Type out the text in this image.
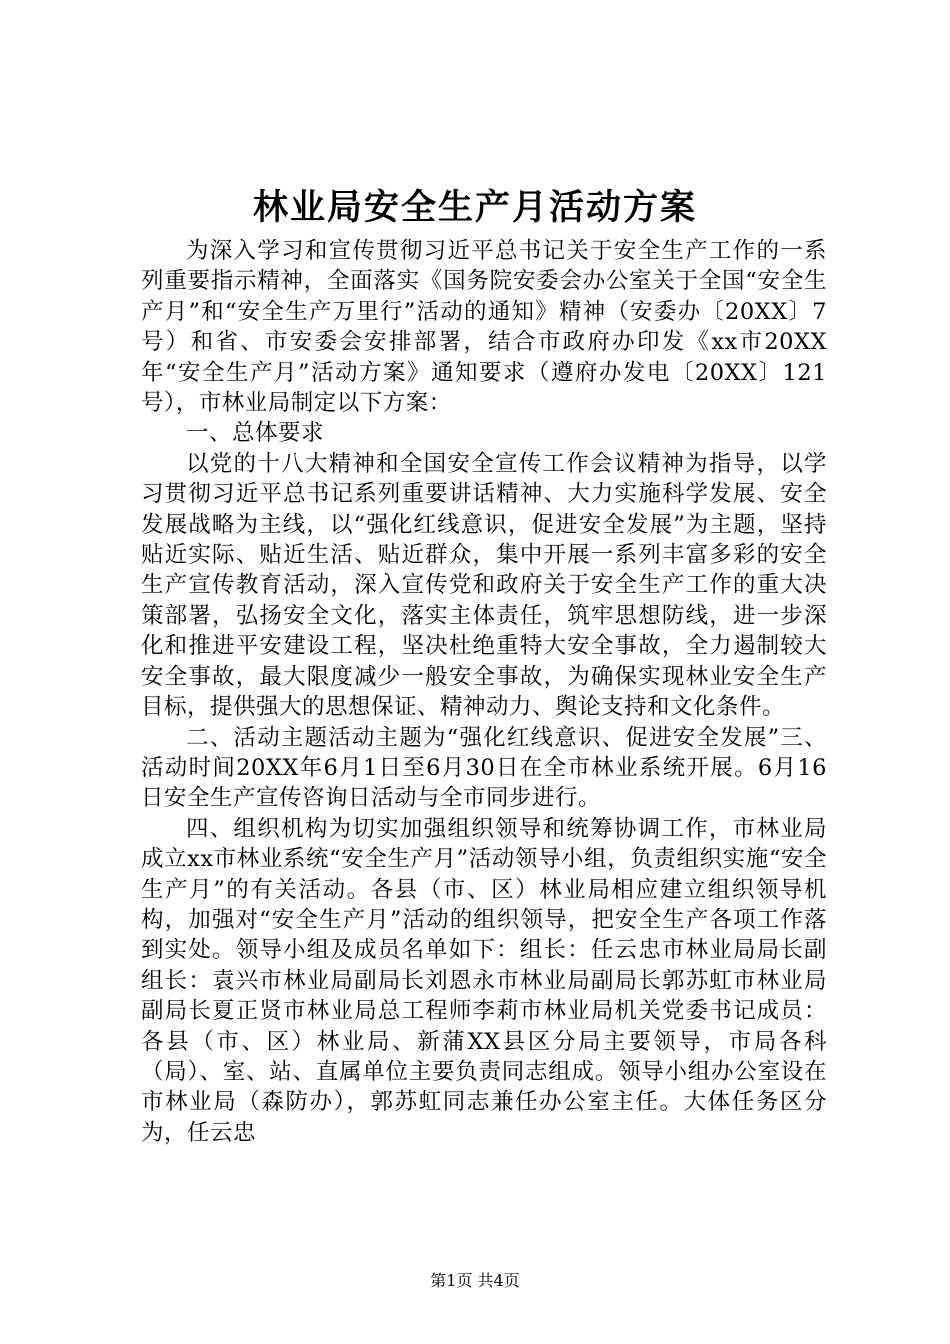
林业局安全生产月活动方案

为深入学习和宣传贯彻习近平总书记关于安全生产工作的一系列重要指示精神，全面落实《国务院安委会办公室关于全国“安全生产月”和“安全生产万里行”活动的通知》精神（安委办〔20XX〕7号）和省、市安委会安排部署，结合市政府办印发《xx市20XX年“安全生产月”活动方案》通知要求（遵府办发电〔20XX〕121号），市林业局制定以下方案：

一、总体要求

以党的十八大精神和全国安全宣传工作会议精神为指导，以学习贯彻习近平总书记系列重要讲话精神、大力实施科学发展、安全发展战略为主线，以“强化红线意识，促进安全发展”为主题，坚持贴近实际、贴近生活、贴近群众，集中开展一系列丰富多彩的安全生产宣传教育活动，深入宣传党和政府关于安全生产工作的重大决策部署，弘扬安全文化，落实主体责任，筑牢思想防线，进一步深化和推进平安建设工程，坚决杜绝重特大安全事故，全力遏制较大安全事故，最大限度减少一般安全事故，为确保实现林业安全生产目标，提供强大的思想保证、精神动力、舆论支持和文化条件。

二、活动主题活动主题为“强化红线意识、促进安全发展”三、活动时间20XX年6月1日至6月30日在全市林业系统开展。6月16日安全生产宣传咨询日活动与全市同步进行。

四、组织机构为切实加强组织领导和统筹协调工作，市林业局成立xx市林业系统“安全生产月”活动领导小组，负责组织实施“安全生产月”的有关活动。各县（市、区）林业局相应建立组织领导机构，加强对“安全生产月”活动的组织领导，把安全生产各项工作落到实处。领导小组及成员名单如下：组长：任云忠市林业局局长副组长：袁兴市林业局副局长刘恩永市林业局副局长郭苏虹市林业局副局长夏正贤市林业局总工程师李莉市林业局机关党委书记成员：各县（市、区）林业局、新蒲XX县区分局主要领导，市局各科（局）、室、站、直属单位主要负责同志组成。领导小组办公室设在市林业局（森防办），郭苏虹同志兼任办公室主任。大体任务区分为，任云忠

第1页 共4页
